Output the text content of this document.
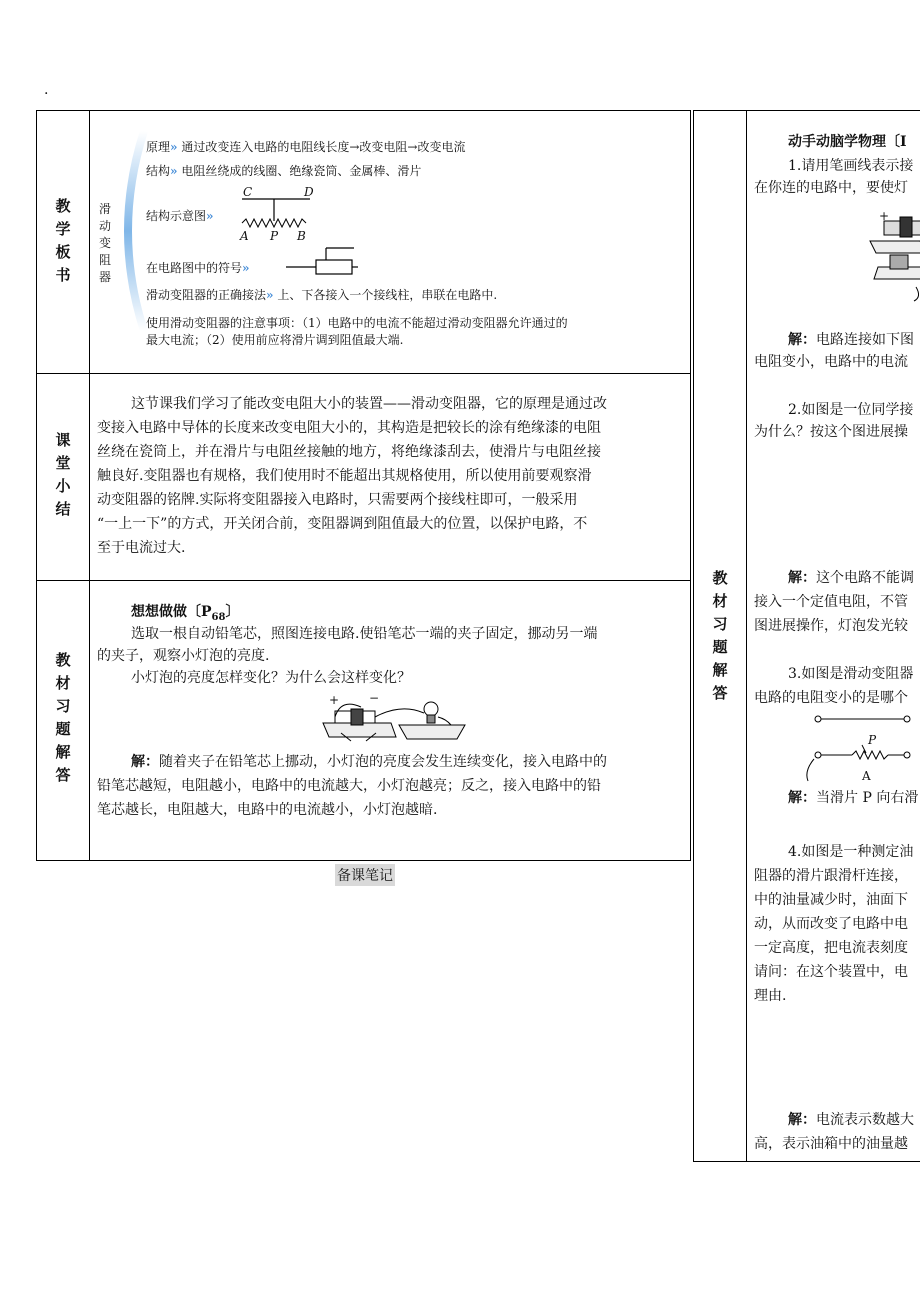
.
教
学
板
书
滑
动
变
阻
器
原理» 通过改变连入电路的电阻线长度→改变电阻→改变电流
结构» 电阻丝绕成的线圈、绝缘瓷筒、金属棒、滑片
结构示意图»
C	D
A P B
在电路图中的符号»
滑动变阻器的正确接法» 上、下各接入一个接线柱，串联在电路中.
使用滑动变阻器的注意事项：（1）电路中的电流不能超过滑动变阻器允许通过的
最大电流；（2）使用前应将滑片调到阻值最大端.
课
堂
小
结
这节课我们学习了能改变电阻大小的装置——滑动变阻器，它的原理是通过改
变接入电路中导体的长度来改变电阻大小的，其构造是把较长的涂有绝缘漆的电阻
丝绕在瓷筒上，并在滑片与电阻丝接触的地方，将绝缘漆刮去，使滑片与电阻丝接
触良好.变阻器也有规格，我们使用时不能超出其规格使用，所以使用前要观察滑
动变阻器的铭牌.实际将变阻器接入电路时，只需要两个接线柱即可，一般采用
“一上一下”的方式，开关闭合前，变阻器调到阻值最大的位置，以保护电路，不
至于电流过大.
教
材
习
题
解
答
想想做做〔$P_{68}$〕
选取一根自动铅笔芯，照图连接电路.使铅笔芯一端的夹子固定，挪动另一端
的夹子，观察小灯泡的亮度.
小灯泡的亮度怎样变化？为什么会这样变化？
+ −
解：随着夹子在铅笔芯上挪动，小灯泡的亮度会发生连续变化，接入电路中的
铅笔芯越短，电阻越小，电路中的电流越大，小灯泡越亮；反之，接入电路中的铅
笔芯越长，电阻越大，电路中的电流越小，小灯泡越暗.
备课笔记
教
材
习
题
解
答
动手动脑学物理〔I
1.请用笔画线表示接
在你连的电路中，要使灯
+
解：电路连接如下图
电阻变小，电路中的电流
2.如图是一位同学接
为什么？按这个图进展操
解：这个电路不能调
接入一个定值电阻，不管
图进展操作，灯泡发光较
3.如图是滑动变阻器
电路的电阻变小的是哪个
P
A
解：当滑片 P 向右滑
4.如图是一种测定油
阻器的滑片跟滑杆连接，
中的油量减少时，油面下
动，从而改变了电路中电
一定高度，把电流表刻度
请问：在这个装置中，电
理由.
解：电流表示数越大
高，表示油箱中的油量越
